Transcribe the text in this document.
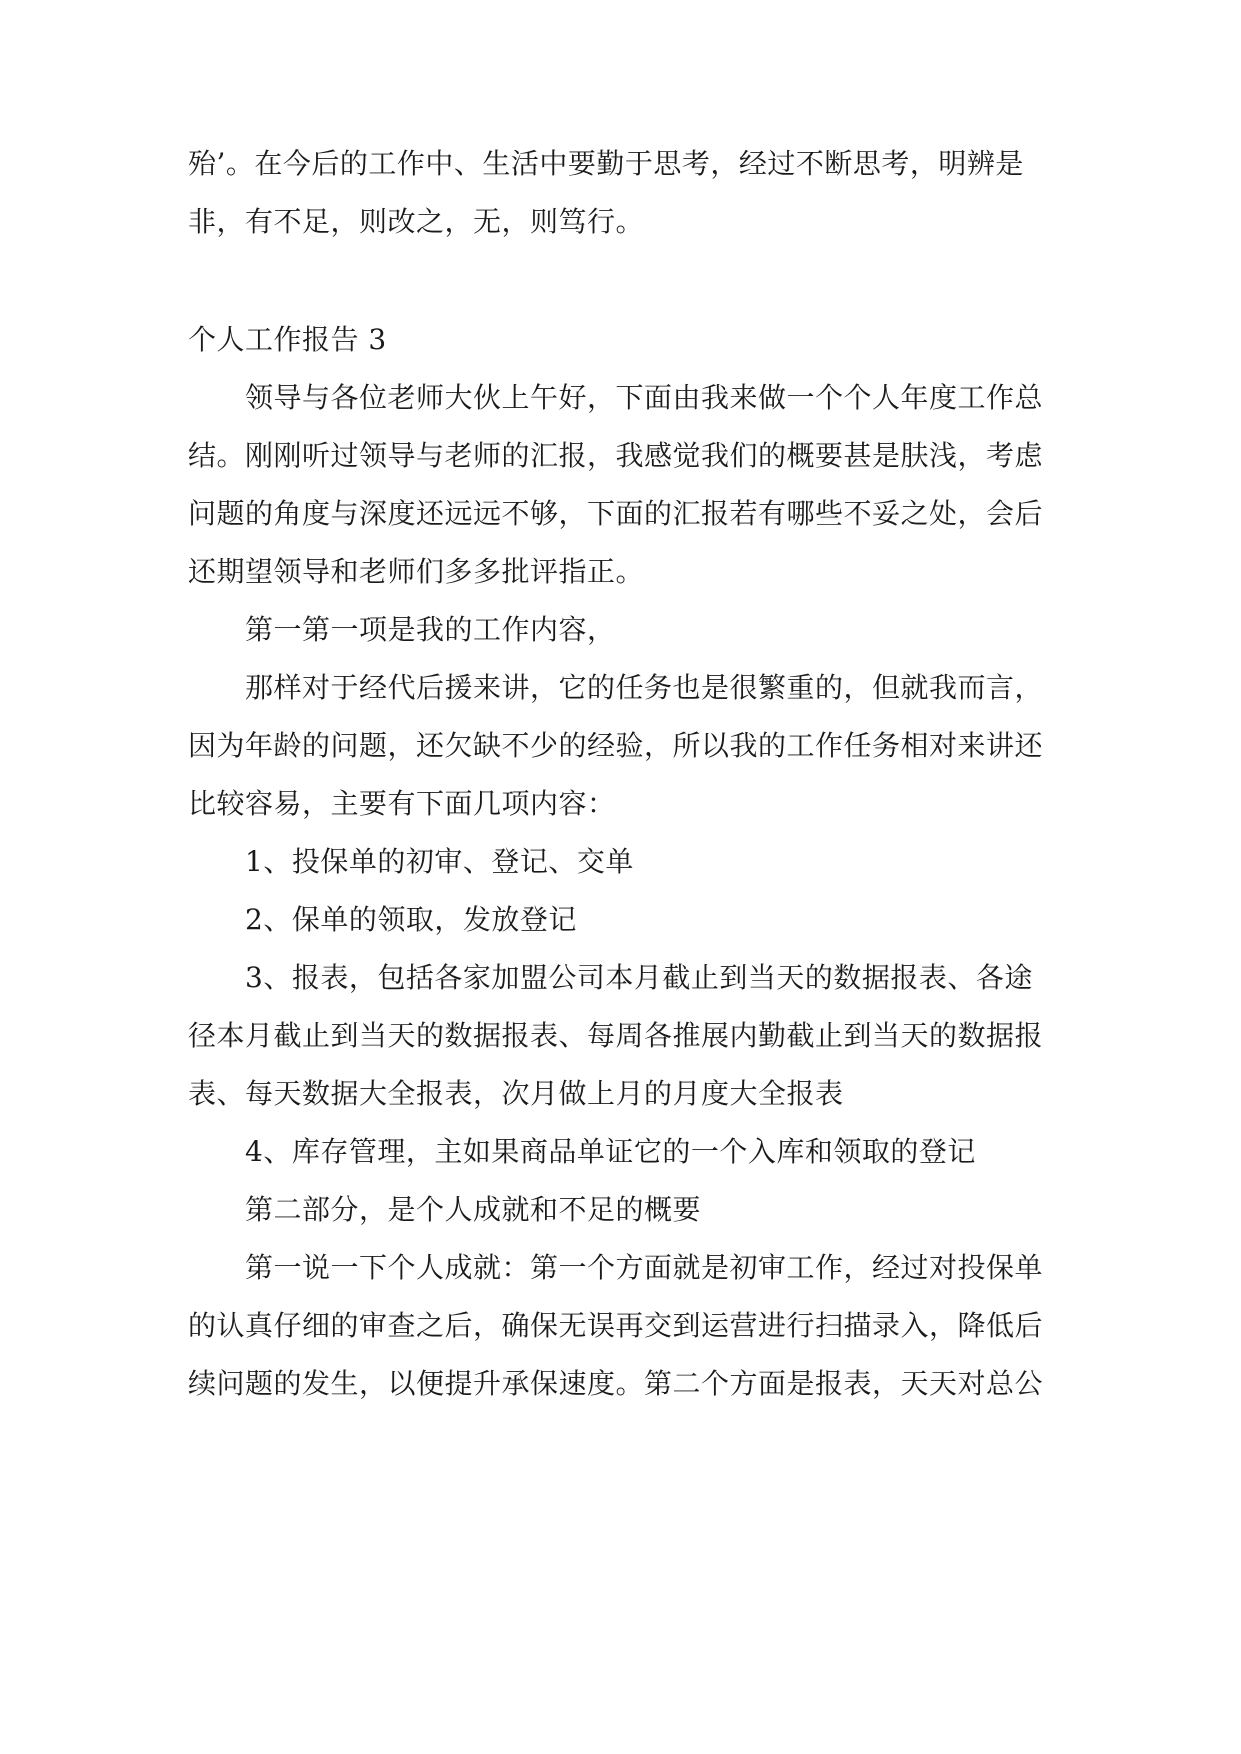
殆’。在今后的工作中、生活中要勤于思考，经过不断思考，明辨是
非，有不足，则改之，无，则笃行。
个人工作报告 3
领导与各位老师大伙上午好，下面由我来做一个个人年度工作总
结。刚刚听过领导与老师的汇报，我感觉我们的概要甚是肤浅，考虑
问题的角度与深度还远远不够，下面的汇报若有哪些不妥之处，会后
还期望领导和老师们多多批评指正。
第一第一项是我的工作内容，
那样对于经代后援来讲，它的任务也是很繁重的，但就我而言，
因为年龄的问题，还欠缺不少的经验，所以我的工作任务相对来讲还
比较容易，主要有下面几项内容：
1、投保单的初审、登记、交单
2、保单的领取，发放登记
3、报表，包括各家加盟公司本月截止到当天的数据报表、各途
径本月截止到当天的数据报表、每周各推展内勤截止到当天的数据报
表、每天数据大全报表，次月做上月的月度大全报表
4、库存管理，主如果商品单证它的一个入库和领取的登记
第二部分，是个人成就和不足的概要
第一说一下个人成就：第一个方面就是初审工作，经过对投保单
的认真仔细的审查之后，确保无误再交到运营进行扫描录入，降低后
续问题的发生，以便提升承保速度。第二个方面是报表，天天对总公
